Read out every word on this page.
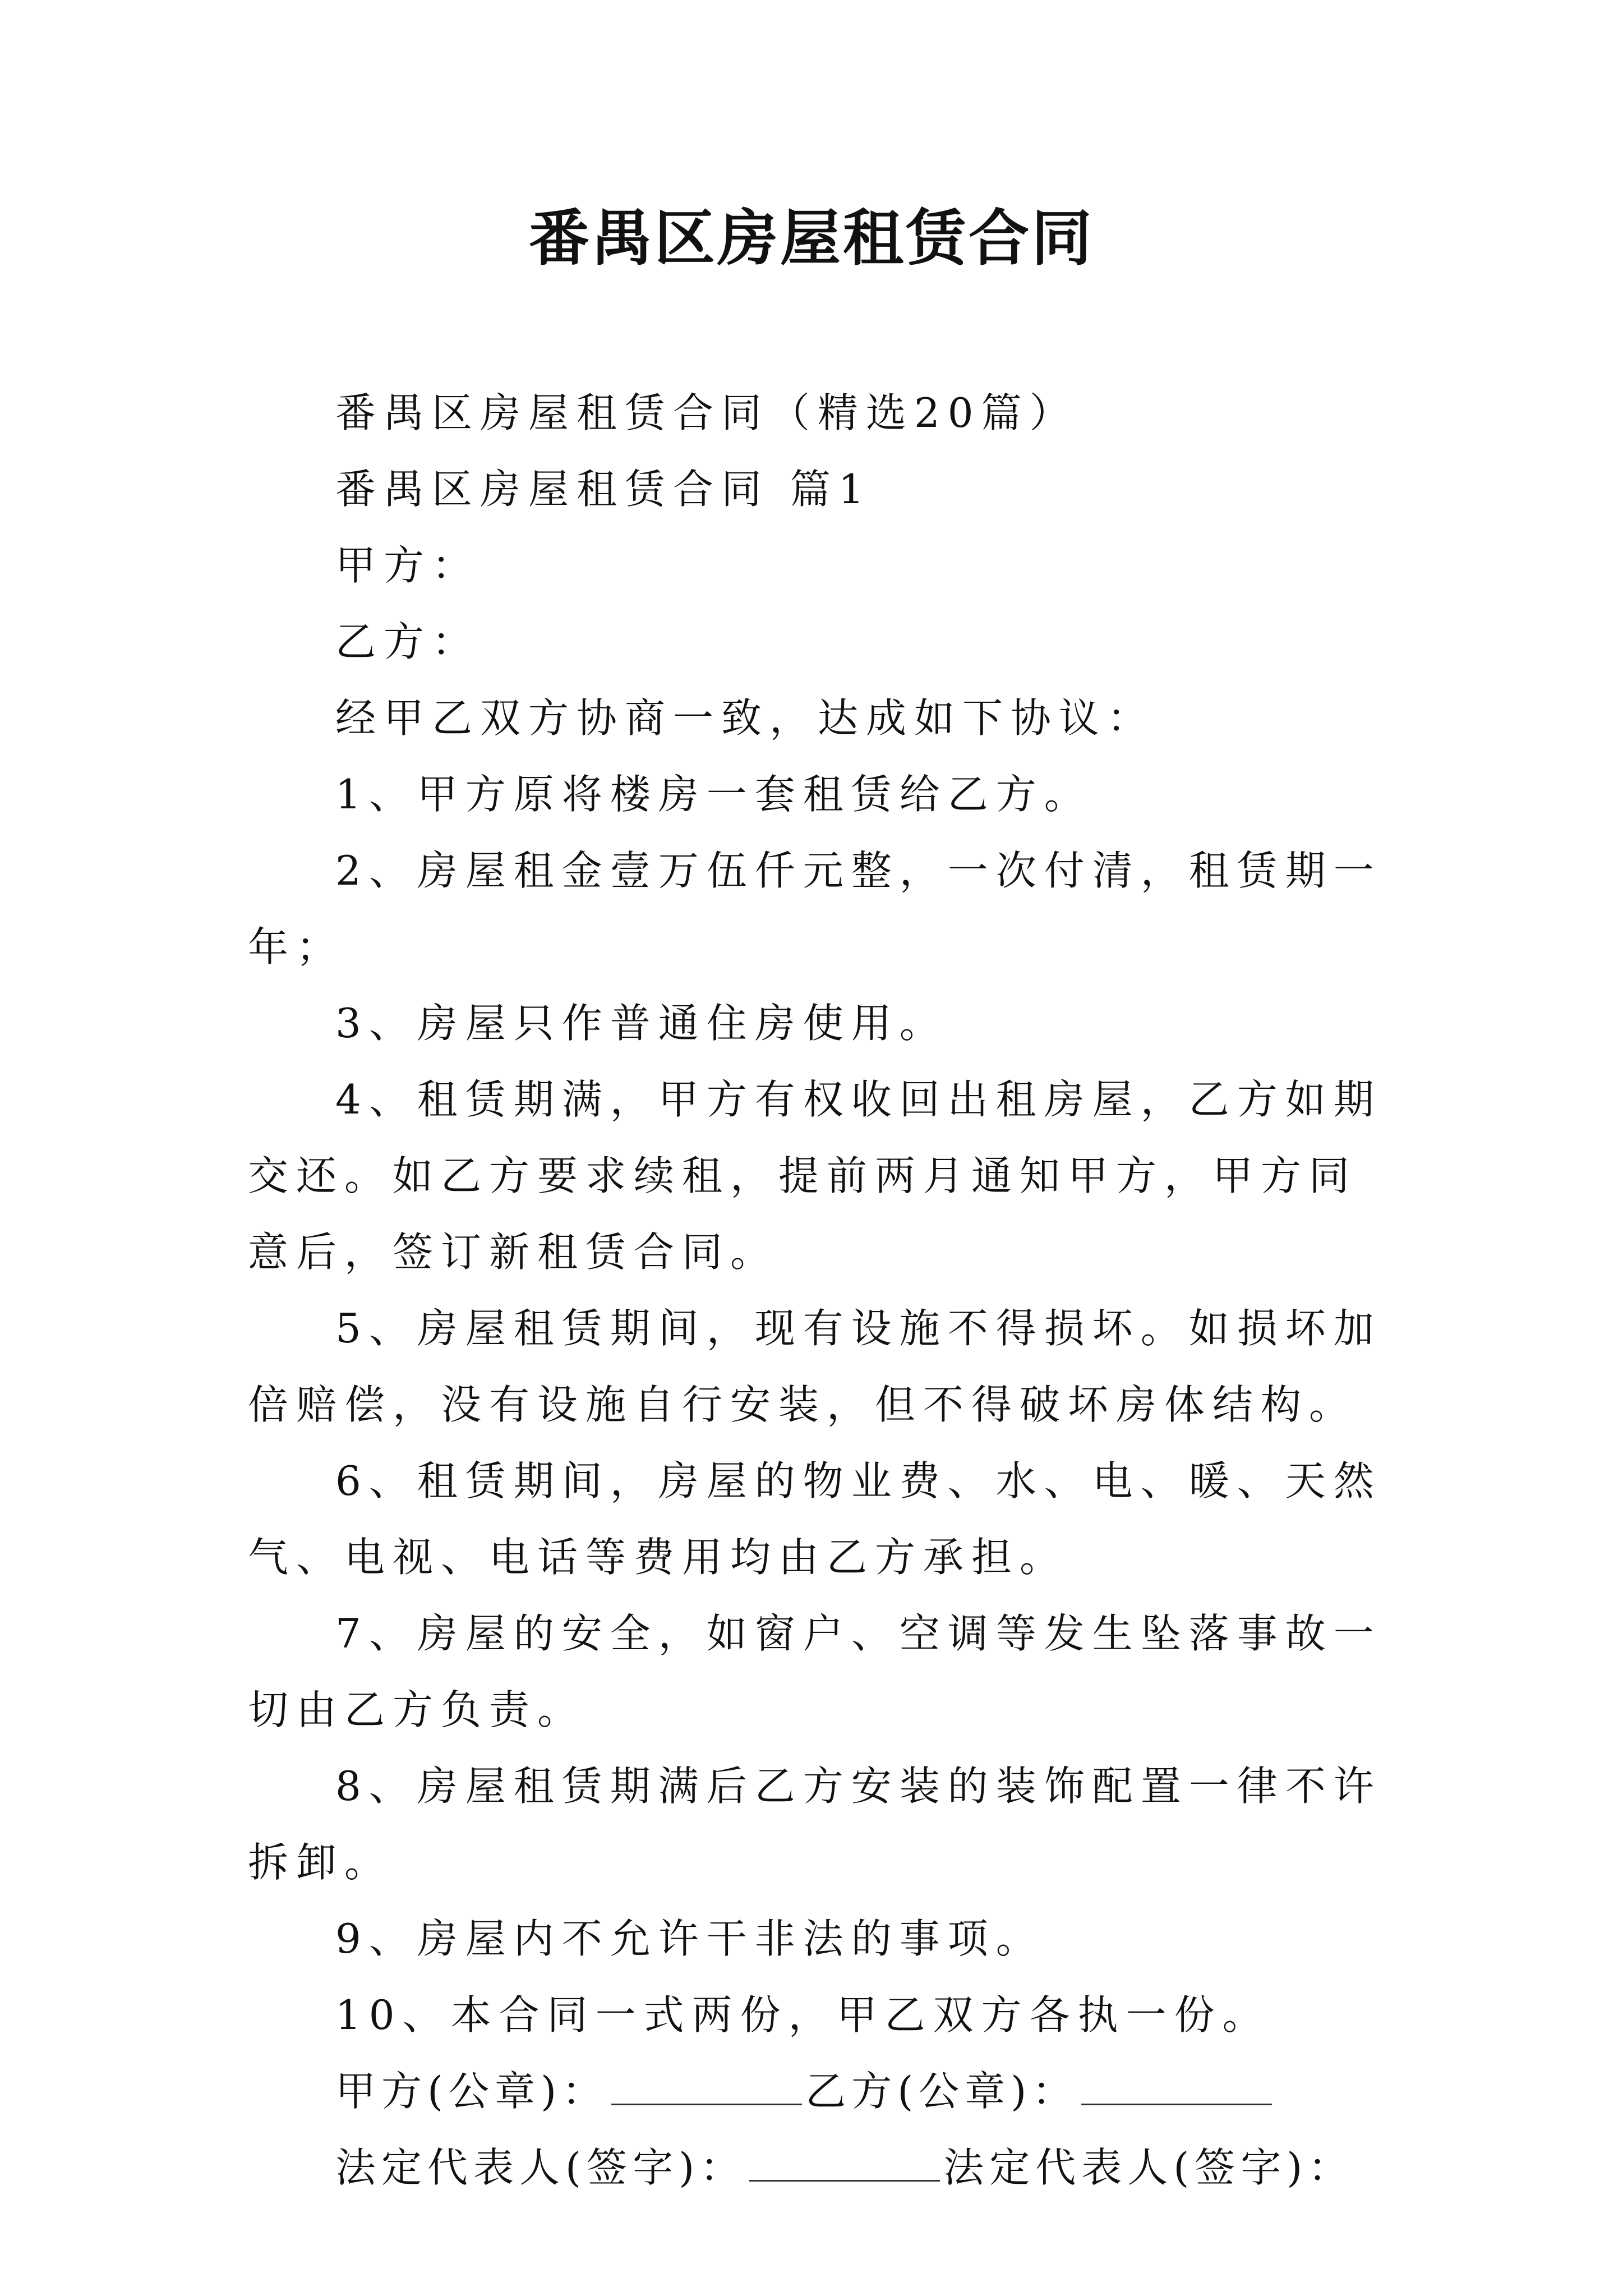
番禺区房屋租赁合同

番禺区房屋租赁合同（精选20篇）

番禺区房屋租赁合同 篇1

甲方：

乙方：

经甲乙双方协商一致，达成如下协议：

1、甲方原将楼房一套租赁给乙方。

2、房屋租金壹万伍仟元整，一次付清，租赁期一年；

3、房屋只作普通住房使用。

4、租赁期满，甲方有权收回出租房屋，乙方如期交还。如乙方要求续租，提前两月通知甲方，甲方同意后，签订新租赁合同。

5、房屋租赁期间，现有设施不得损坏。如损坏加倍赔偿，没有设施自行安装，但不得破坏房体结构。

6、租赁期间，房屋的物业费、水、电、暖、天然气、电视、电话等费用均由乙方承担。

7、房屋的安全，如窗户、空调等发生坠落事故一切由乙方负责。

8、房屋租赁期满后乙方安装的装饰配置一律不许拆卸。

9、房屋内不允许干非法的事项。

10、本合同一式两份，甲乙双方各执一份。

甲方(公章)：	乙方(公章)：

法定代表人(签字)：	法定代表人(签字)：
